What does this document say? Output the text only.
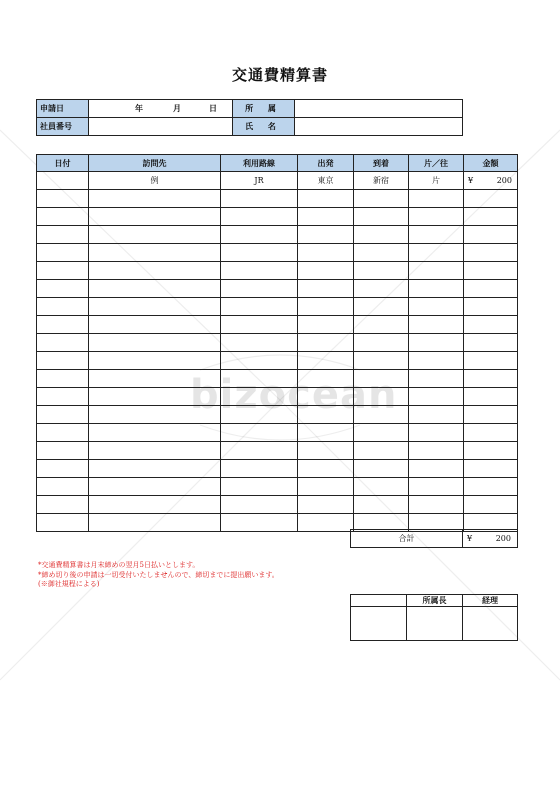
bizocean
交通費精算書
申請日	年 月 日	所 属	
社員番号		氏 名	
日付	訪問先	利用路線	出発	到着	片／往	金額
	例	JR	東京	新宿	片	¥ 200

合計	¥	200
*交通費精算書は月末締めの翌月5日払いとします。
*締め切り後の申請は一切受付いたしませんので、締切までに提出願います。
(※御社規程による)
	所属長	経理
